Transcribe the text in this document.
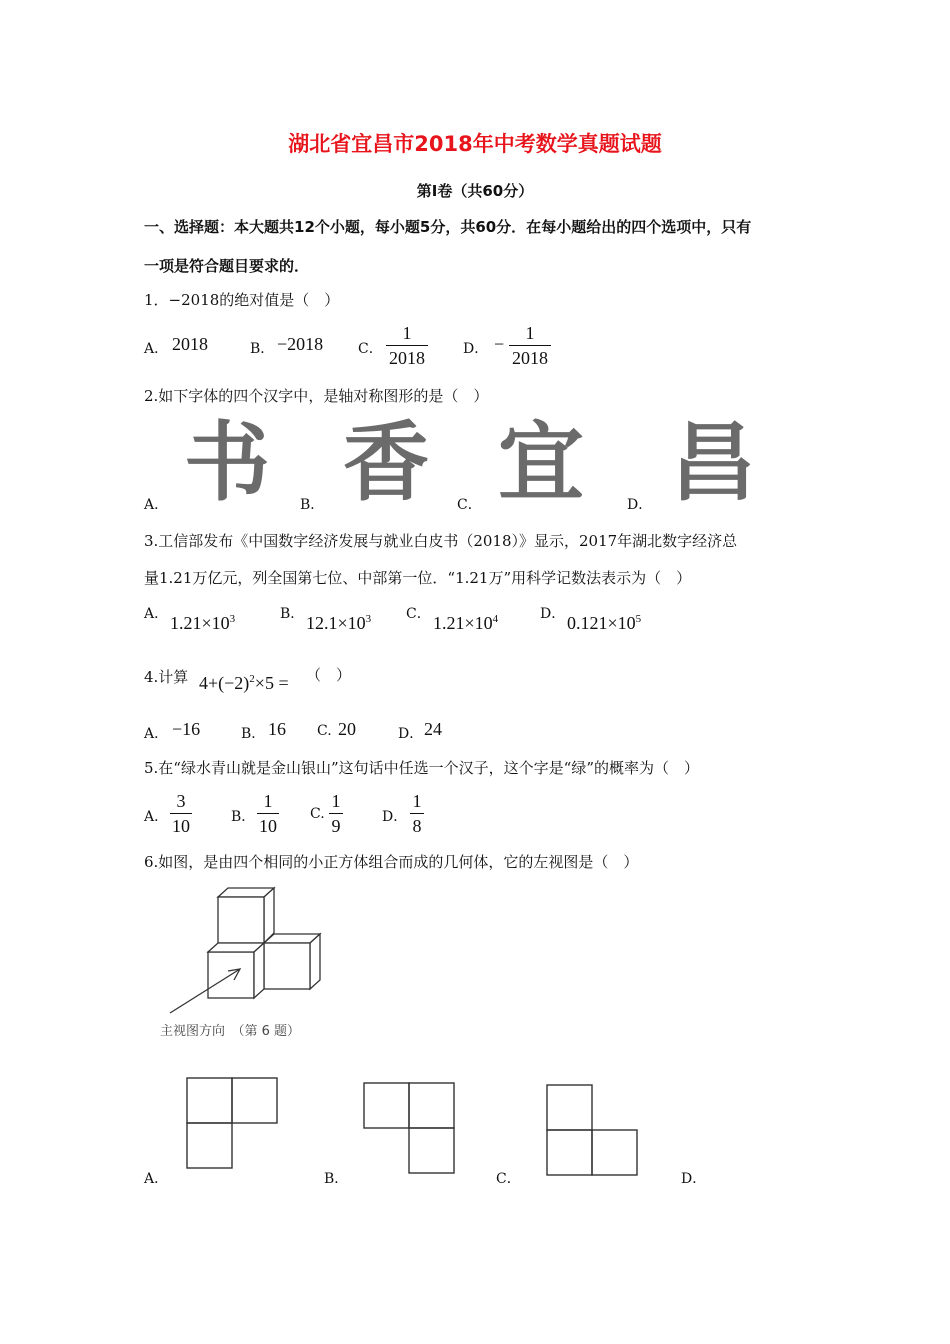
湖北省宜昌市2018年中考数学真题试题
第I卷（共60分）
一、选择题：本大题共12个小题，每小题5分，共60分．在每小题给出的四个选项中，只有
一项是符合题目要求的．
1．−2018的绝对值是（　）
A． 2018	B． −2018 C．
1
2018	D． −
1
2018
2.如下字体的四个汉字中，是轴对称图形的是（　）
书 香 宜 昌
A．	B．	C．	D．
3.工信部发布《中国数字经济发展与就业白皮书（2018）》显示，2017年湖北数字经济总
量1.21万亿元，列全国第七位、中部第一位．“1.21万”用科学记数法表示为（　）
A． $1.21\times 10^3$	B． $12.1\times 10^3$ C． $1.21\times 10^4$	D． $0.121\times 10^5$
4.计算 $4+(-2)^2\times 5$ = （　）
A． −16	B． 16 C. 20	D． 24
5.在“绿水青山就是金山银山”这句话中任选一个汉子，这个字是“绿”的概率为（　）
A．
3
10	B．
1
10
C.
1
9	D．
1
8
6.如图，是由四个相同的小正方体组合而成的几何体，它的左视图是（　）
主视图方向　（第 6 题）
A．	B．	C．	D．
